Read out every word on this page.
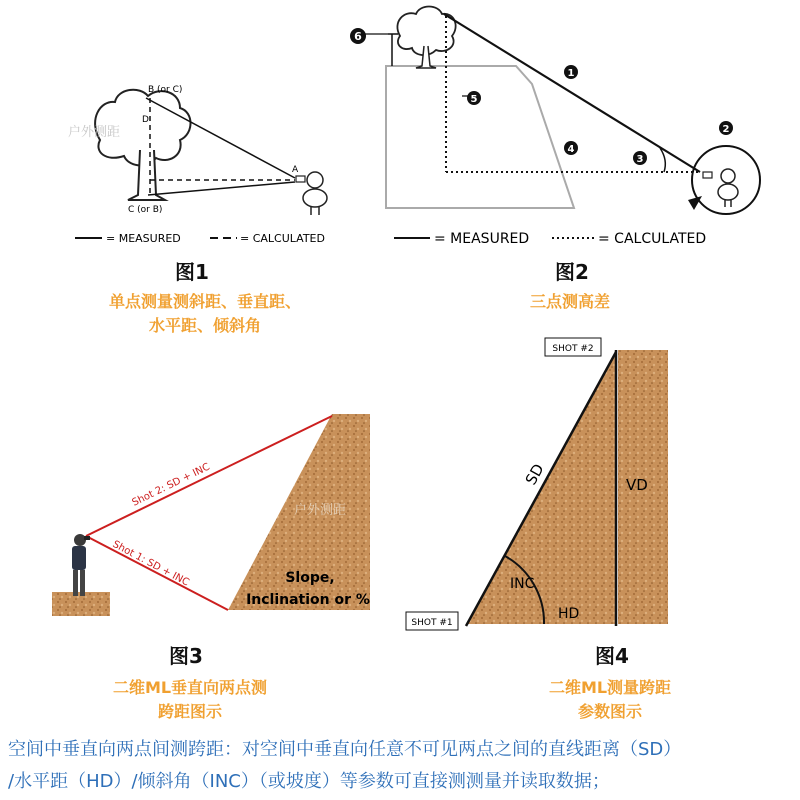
B (or C)
D
A
C (or B)
户外测距
= MEASURED	= CALCULATED
1
2
3
4
5
6
= MEASURED	= CALCULATED
Shot 2: SD + INC
Shot 1: SD + INC	Slope,
Inclination or %
户外测距
SHOT #2
SHOT #1
SD	VD
INC
HD
图1
单点测量测斜距、垂直距、
水平距、倾斜角
图2
三点测高差
图3
二维ML垂直向两点测
跨距图示
图4
二维ML测量跨距
参数图示
空间中垂直向两点间测跨距：对空间中垂直向任意不可见两点之间的直线距离（SD）
/水平距（HD）/倾斜角（INC）（或坡度）等参数可直接测测量并读取数据；
